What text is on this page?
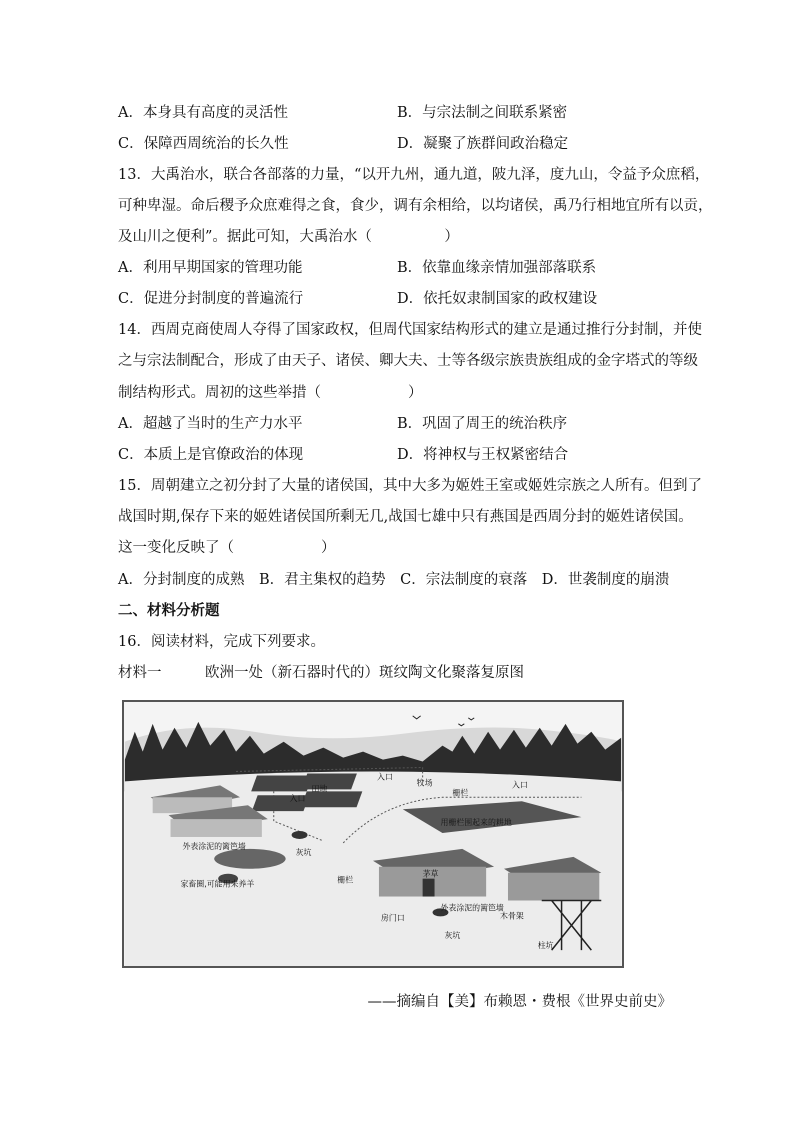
A．本身具有高度的灵活性	B．与宗法制之间联系紧密
C．保障西周统治的长久性	D．凝聚了族群间政治稳定
13．大禹治水，联合各部落的力量，“以开九州，通九道，陂九泽，度九山，令益予众庶稻，
可种卑湿。命后稷予众庶难得之食，食少，调有余相给，以均诸侯，禹乃行相地宜所有以贡，
及山川之便利”。据此可知，大禹治水（　　　　　）
A．利用早期国家的管理功能	B．依靠血缘亲情加强部落联系
C．促进分封制度的普遍流行	D．依托奴隶制国家的政权建设
14．西周克商使周人夺得了国家政权，但周代国家结构形式的建立是通过推行分封制，并使
之与宗法制配合，形成了由天子、诸侯、卿大夫、士等各级宗族贵族组成的金字塔式的等级
制结构形式。周初的这些举措（　　　　　　）
A．超越了当时的生产力水平	B．巩固了周王的统治秩序
C．本质上是官僚政治的体现	D．将神权与王权紧密结合
15．周朝建立之初分封了大量的诸侯国，其中大多为姬姓王室或姬姓宗族之人所有。但到了
战国时期,保存下来的姬姓诸侯国所剩无几,战国七雄中只有燕国是西周分封的姬姓诸侯国。
这一变化反映了（　　　　　　）
A．分封制度的成熟　B．君主集权的趋势　C．宗法制度的衰落　D．世袭制度的崩溃
二、材料分析题
16．阅读材料，完成下列要求。
材料一　　　欧洲一处（新石器时代的）斑纹陶文化聚落复原图
入口
牧场
田地
入口
栅栏
入口
用栅栏围起来的耕地
外表涂泥的篱笆墙
灰坑
家畜圈,可能用来养羊	栅栏
茅草
外表涂泥的篱笆墙
木骨架
房门口
灰坑
柱坑
——摘编自【美】布赖恩・费根《世界史前史》
